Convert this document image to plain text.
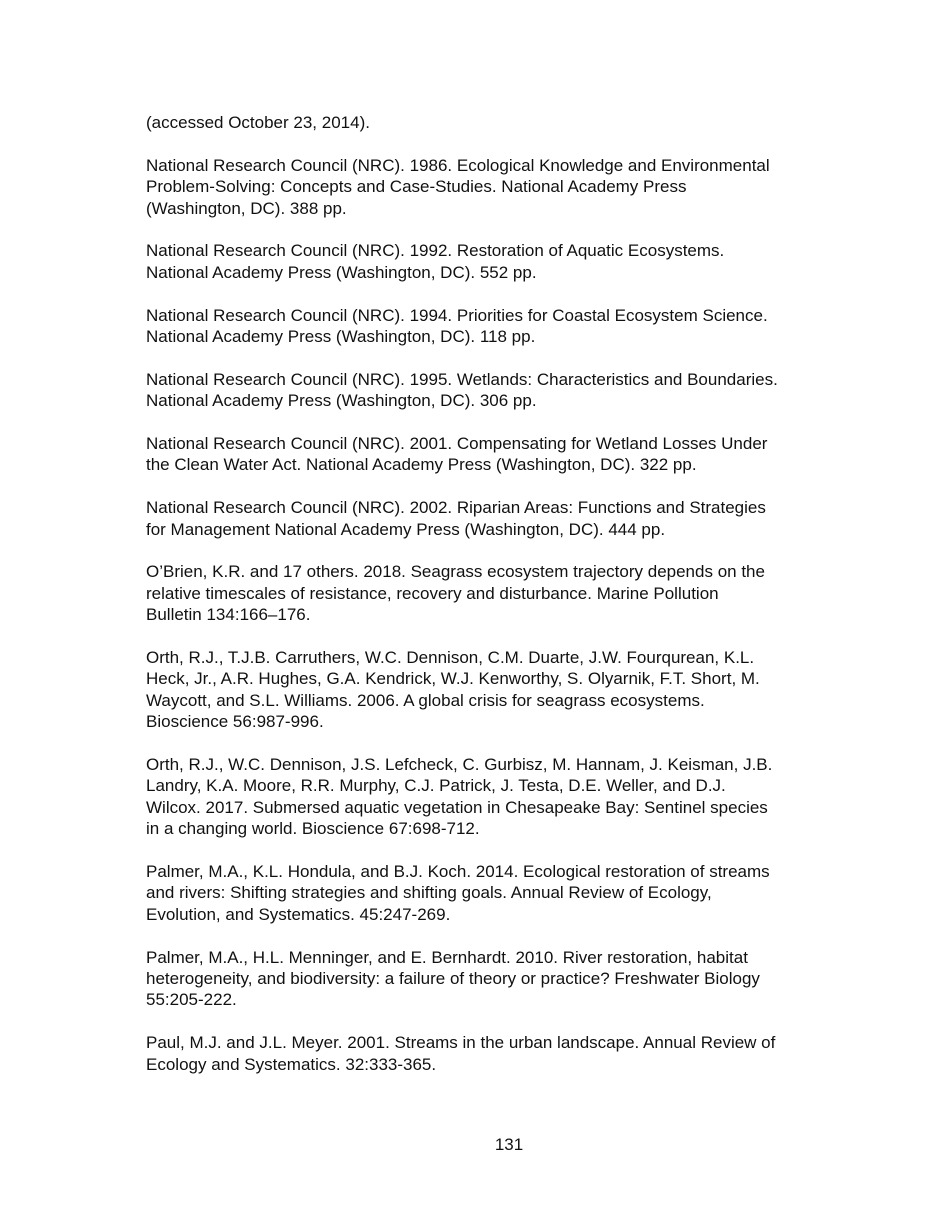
(accessed October 23, 2014).

National Research Council (NRC). 1986. Ecological Knowledge and Environmental
Problem-Solving: Concepts and Case-Studies. National Academy Press
(Washington, DC). 388 pp.

National Research Council (NRC). 1992. Restoration of Aquatic Ecosystems.
National Academy Press (Washington, DC). 552 pp.

National Research Council (NRC). 1994. Priorities for Coastal Ecosystem Science.
National Academy Press (Washington, DC). 118 pp.

National Research Council (NRC). 1995. Wetlands: Characteristics and Boundaries.
National Academy Press (Washington, DC). 306 pp.

National Research Council (NRC). 2001. Compensating for Wetland Losses Under
the Clean Water Act. National Academy Press (Washington, DC). 322 pp.

National Research Council (NRC). 2002. Riparian Areas: Functions and Strategies
for Management National Academy Press (Washington, DC). 444 pp.

O’Brien, K.R. and 17 others. 2018. Seagrass ecosystem trajectory depends on the
relative timescales of resistance, recovery and disturbance. Marine Pollution
Bulletin 134:166–176.

Orth, R.J., T.J.B. Carruthers, W.C. Dennison, C.M. Duarte, J.W. Fourqurean, K.L.
Heck, Jr., A.R. Hughes, G.A. Kendrick, W.J. Kenworthy, S. Olyarnik, F.T. Short, M.
Waycott, and S.L. Williams. 2006. A global crisis for seagrass ecosystems.
Bioscience 56:987-996.

Orth, R.J., W.C. Dennison, J.S. Lefcheck, C. Gurbisz, M. Hannam, J. Keisman, J.B.
Landry, K.A. Moore, R.R. Murphy, C.J. Patrick, J. Testa, D.E. Weller, and D.J.
Wilcox. 2017. Submersed aquatic vegetation in Chesapeake Bay: Sentinel species
in a changing world. Bioscience 67:698-712.

Palmer, M.A., K.L. Hondula, and B.J. Koch. 2014. Ecological restoration of streams
and rivers: Shifting strategies and shifting goals. Annual Review of Ecology,
Evolution, and Systematics. 45:247-269.

Palmer, M.A., H.L. Menninger, and E. Bernhardt. 2010. River restoration, habitat
heterogeneity, and biodiversity: a failure of theory or practice? Freshwater Biology
55:205-222.

Paul, M.J. and J.L. Meyer. 2001. Streams in the urban landscape. Annual Review of
Ecology and Systematics. 32:333-365.

131
